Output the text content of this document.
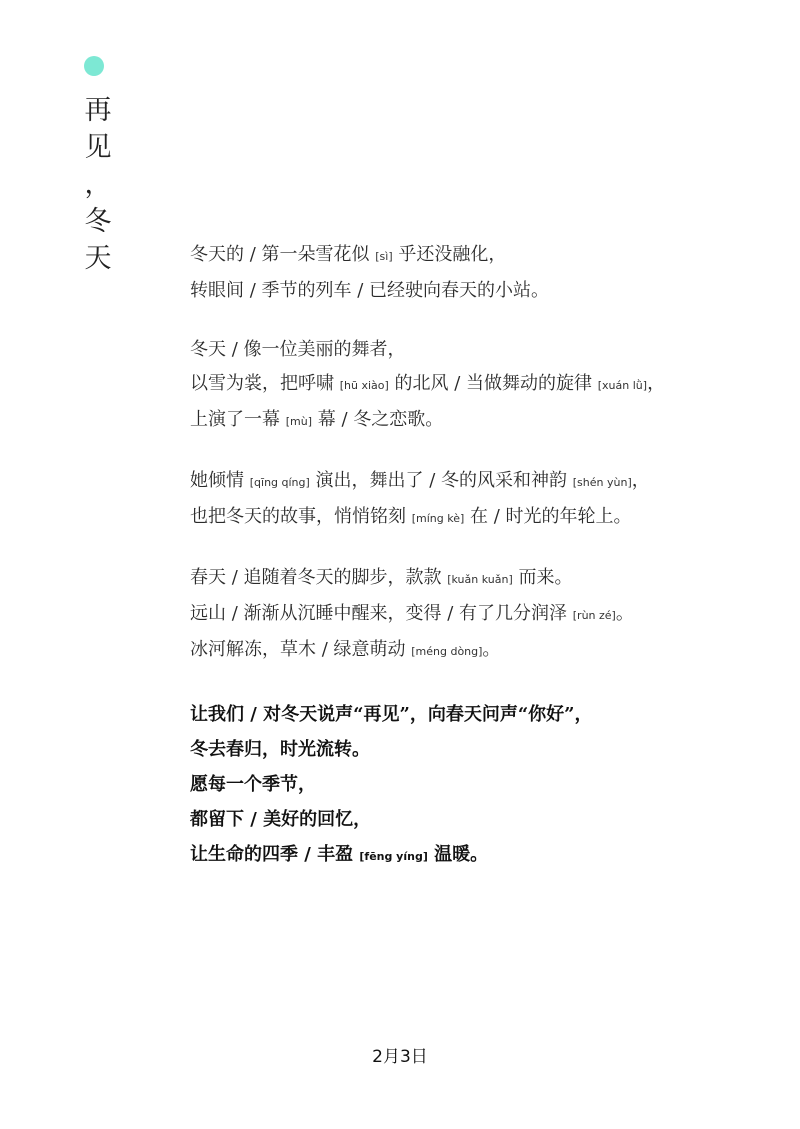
再
见
，
冬
天	冬天的 / 第一朵雪花似 [sì] 乎还没融化，
转眼间 / 季节的列车 / 已经驶向春天的小站。
冬天 / 像一位美丽的舞者，
以雪为裳，把呼啸 [hū xiào] 的北风 / 当做舞动的旋律 [xuán lǜ]，
上演了一幕 [mù] 幕 / 冬之恋歌。
她倾情 [qīng qíng] 演出，舞出了 / 冬的风采和神韵 [shén yùn]，
也把冬天的故事，悄悄铭刻 [míng kè] 在 / 时光的年轮上。
春天 / 追随着冬天的脚步，款款 [kuǎn kuǎn] 而来。
远山 / 渐渐从沉睡中醒来，变得 / 有了几分润泽 [rùn zé]。
冰河解冻，草木 / 绿意萌动 [méng dòng]。
让我们 / 对冬天说声“再见”，向春天问声“你好”，
冬去春归，时光流转。
愿每一个季节，
都留下 / 美好的回忆，
让生命的四季 / 丰盈 [fēng yíng] 温暖。
2月3日
